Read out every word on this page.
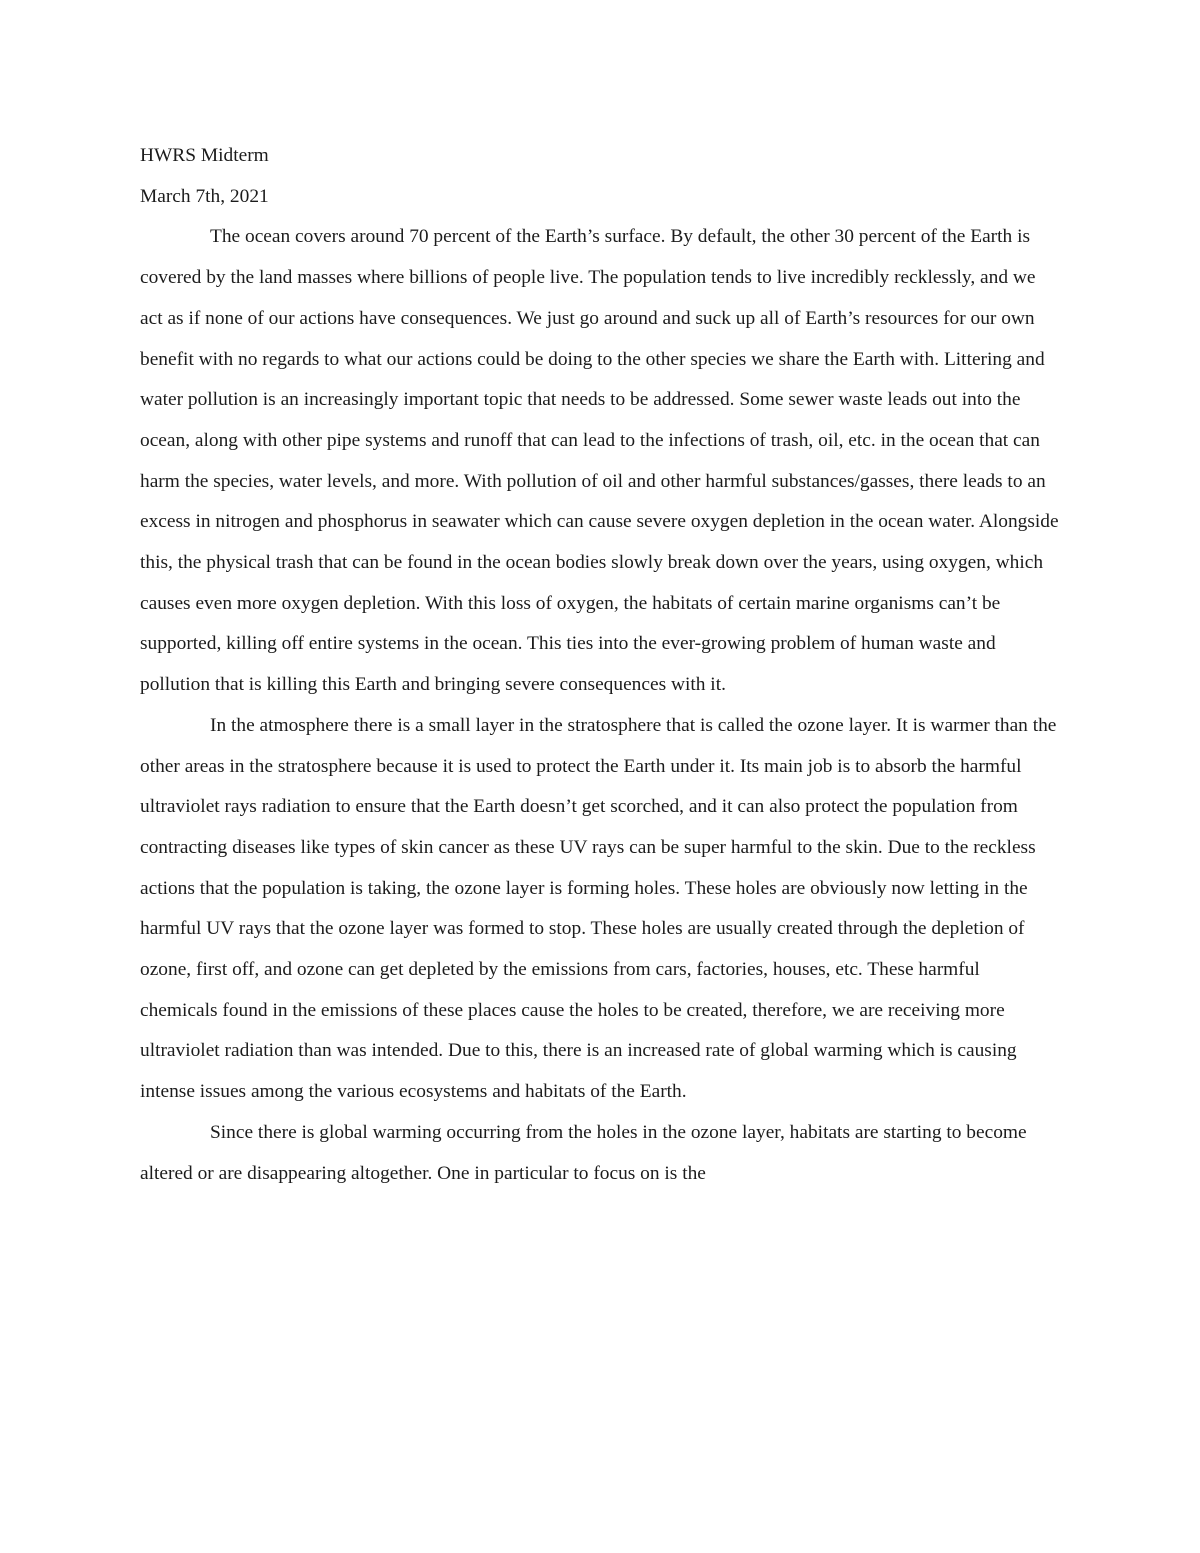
HWRS Midterm

March 7th, 2021

The ocean covers around 70 percent of the Earth’s surface. By default, the other 30 percent of the Earth is covered by the land masses where billions of people live. The population tends to live incredibly recklessly, and we act as if none of our actions have consequences. We just go around and suck up all of Earth’s resources for our own benefit with no regards to what our actions could be doing to the other species we share the Earth with. Littering and water pollution is an increasingly important topic that needs to be addressed. Some sewer waste leads out into the ocean, along with other pipe systems and runoff that can lead to the infections of trash, oil, etc. in the ocean that can harm the species, water levels, and more. With pollution of oil and other harmful substances/gasses, there leads to an excess in nitrogen and phosphorus in seawater which can cause severe oxygen depletion in the ocean water. Alongside this, the physical trash that can be found in the ocean bodies slowly break down over the years, using oxygen, which causes even more oxygen depletion. With this loss of oxygen, the habitats of certain marine organisms can’t be supported, killing off entire systems in the ocean. This ties into the ever-growing problem of human waste and pollution that is killing this Earth and bringing severe consequences with it.

In the atmosphere there is a small layer in the stratosphere that is called the ozone layer. It is warmer than the other areas in the stratosphere because it is used to protect the Earth under it. Its main job is to absorb the harmful ultraviolet rays radiation to ensure that the Earth doesn’t get scorched, and it can also protect the population from contracting diseases like types of skin cancer as these UV rays can be super harmful to the skin. Due to the reckless actions that the population is taking, the ozone layer is forming holes. These holes are obviously now letting in the harmful UV rays that the ozone layer was formed to stop. These holes are usually created through the depletion of ozone, first off, and ozone can get depleted by the emissions from cars, factories, houses, etc. These harmful chemicals found in the emissions of these places cause the holes to be created, therefore, we are receiving more ultraviolet radiation than was intended. Due to this, there is an increased rate of global warming which is causing intense issues among the various ecosystems and habitats of the Earth.

Since there is global warming occurring from the holes in the ozone layer, habitats are starting to become altered or are disappearing altogether. One in particular to focus on is the
